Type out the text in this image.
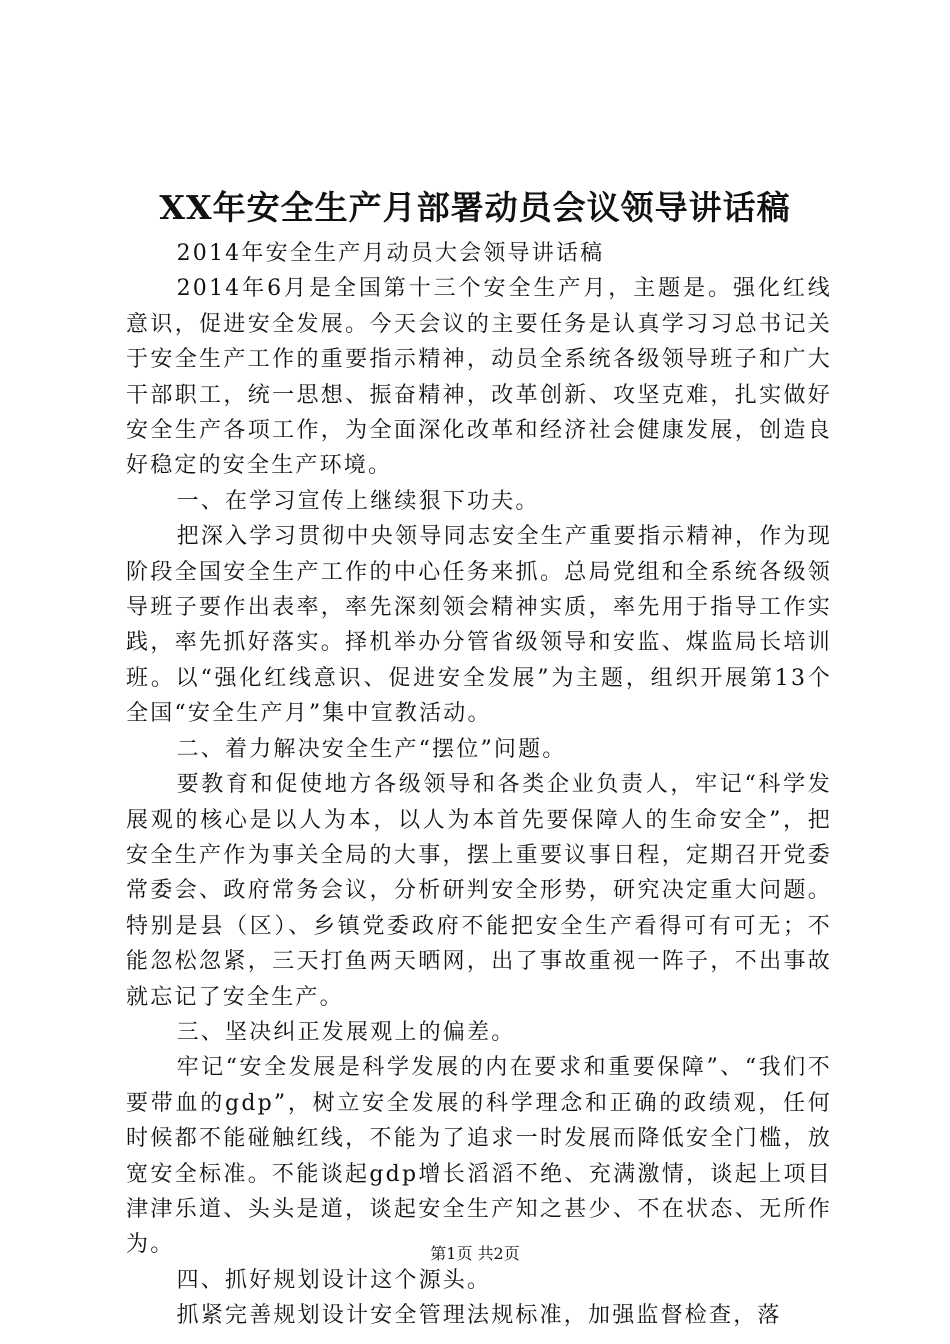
XX年安全生产月部署动员会议领导讲话稿

2014年安全生产月动员大会领导讲话稿

2014年6月是全国第十三个安全生产月，主题是。强化红线意识，促进安全发展。今天会议的主要任务是认真学习习总书记关于安全生产工作的重要指示精神，动员全系统各级领导班子和广大干部职工，统一思想、振奋精神，改革创新、攻坚克难，扎实做好安全生产各项工作，为全面深化改革和经济社会健康发展，创造良好稳定的安全生产环境。

一、在学习宣传上继续狠下功夫。

把深入学习贯彻中央领导同志安全生产重要指示精神，作为现阶段全国安全生产工作的中心任务来抓。总局党组和全系统各级领导班子要作出表率，率先深刻领会精神实质，率先用于指导工作实践，率先抓好落实。择机举办分管省级领导和安监、煤监局长培训班。以“强化红线意识、促进安全发展”为主题，组织开展第13个全国“安全生产月”集中宣教活动。

二、着力解决安全生产“摆位”问题。

要教育和促使地方各级领导和各类企业负责人，牢记“科学发展观的核心是以人为本，以人为本首先要保障人的生命安全”，把安全生产作为事关全局的大事，摆上重要议事日程，定期召开党委常委会、政府常务会议，分析研判安全形势，研究决定重大问题。特别是县（区）、乡镇党委政府不能把安全生产看得可有可无；不能忽松忽紧，三天打鱼两天晒网，出了事故重视一阵子，不出事故就忘记了安全生产。

三、坚决纠正发展观上的偏差。

牢记“安全发展是科学发展的内在要求和重要保障”、“我们不要带血的gdp”，树立安全发展的科学理念和正确的政绩观，任何时候都不能碰触红线，不能为了追求一时发展而降低安全门槛，放宽安全标准。不能谈起gdp增长滔滔不绝、充满激情，谈起上项目津津乐道、头头是道，谈起安全生产知之甚少、不在状态、无所作为。

四、抓好规划设计这个源头。

抓紧完善规划设计安全管理法规标准，加强监督检查，落

第1页 共2页
